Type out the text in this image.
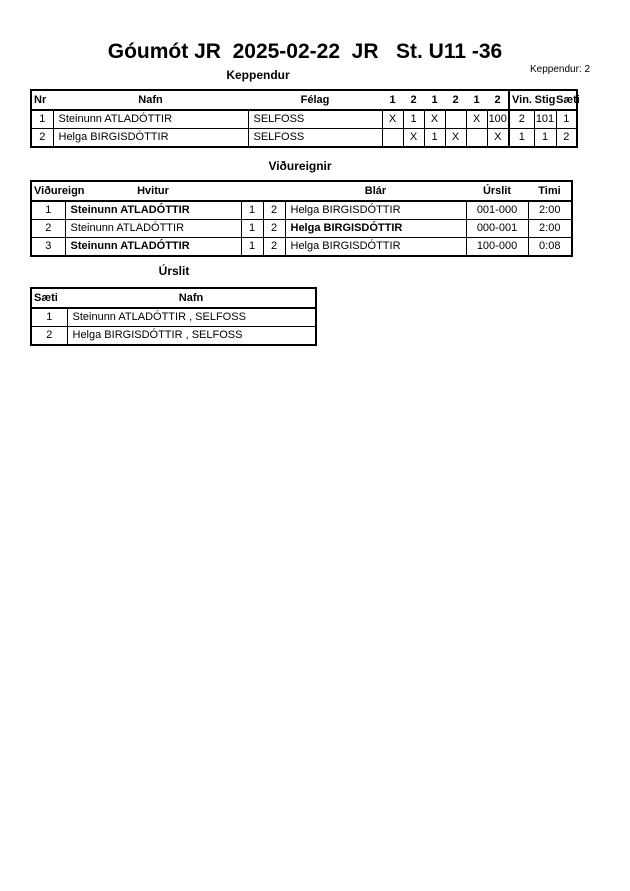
Góumót JR  2025-02-22  JR   St. U11 -36
Keppendur	Keppendur: 2
Nr	Nafn	Félag	1	2	1	2	1	2	Vin.	Stig	Sæti
1	Steinunn ATLADÓTTIR	SELFOSS	X	1	X		X	100	2	101	1
2	Helga BIRGISDÓTTIR	SELFOSS		X	1	X		X	1	1	2
Viðureignir
Viðureign	Hvitur			Blár	Úrslit	Timi
1	Steinunn ATLADÓTTIR	1	2	Helga BIRGISDÓTTIR	001-000	2:00
2	Steinunn ATLADÓTTIR	1	2	Helga BIRGISDÓTTIR	000-001	2:00
3	Steinunn ATLADÓTTIR	1	2	Helga BIRGISDÓTTIR	100-000	0:08
Úrslit
Sæti	Nafn
1	Steinunn ATLADÓTTIR , SELFOSS
2	Helga BIRGISDÓTTIR , SELFOSS
